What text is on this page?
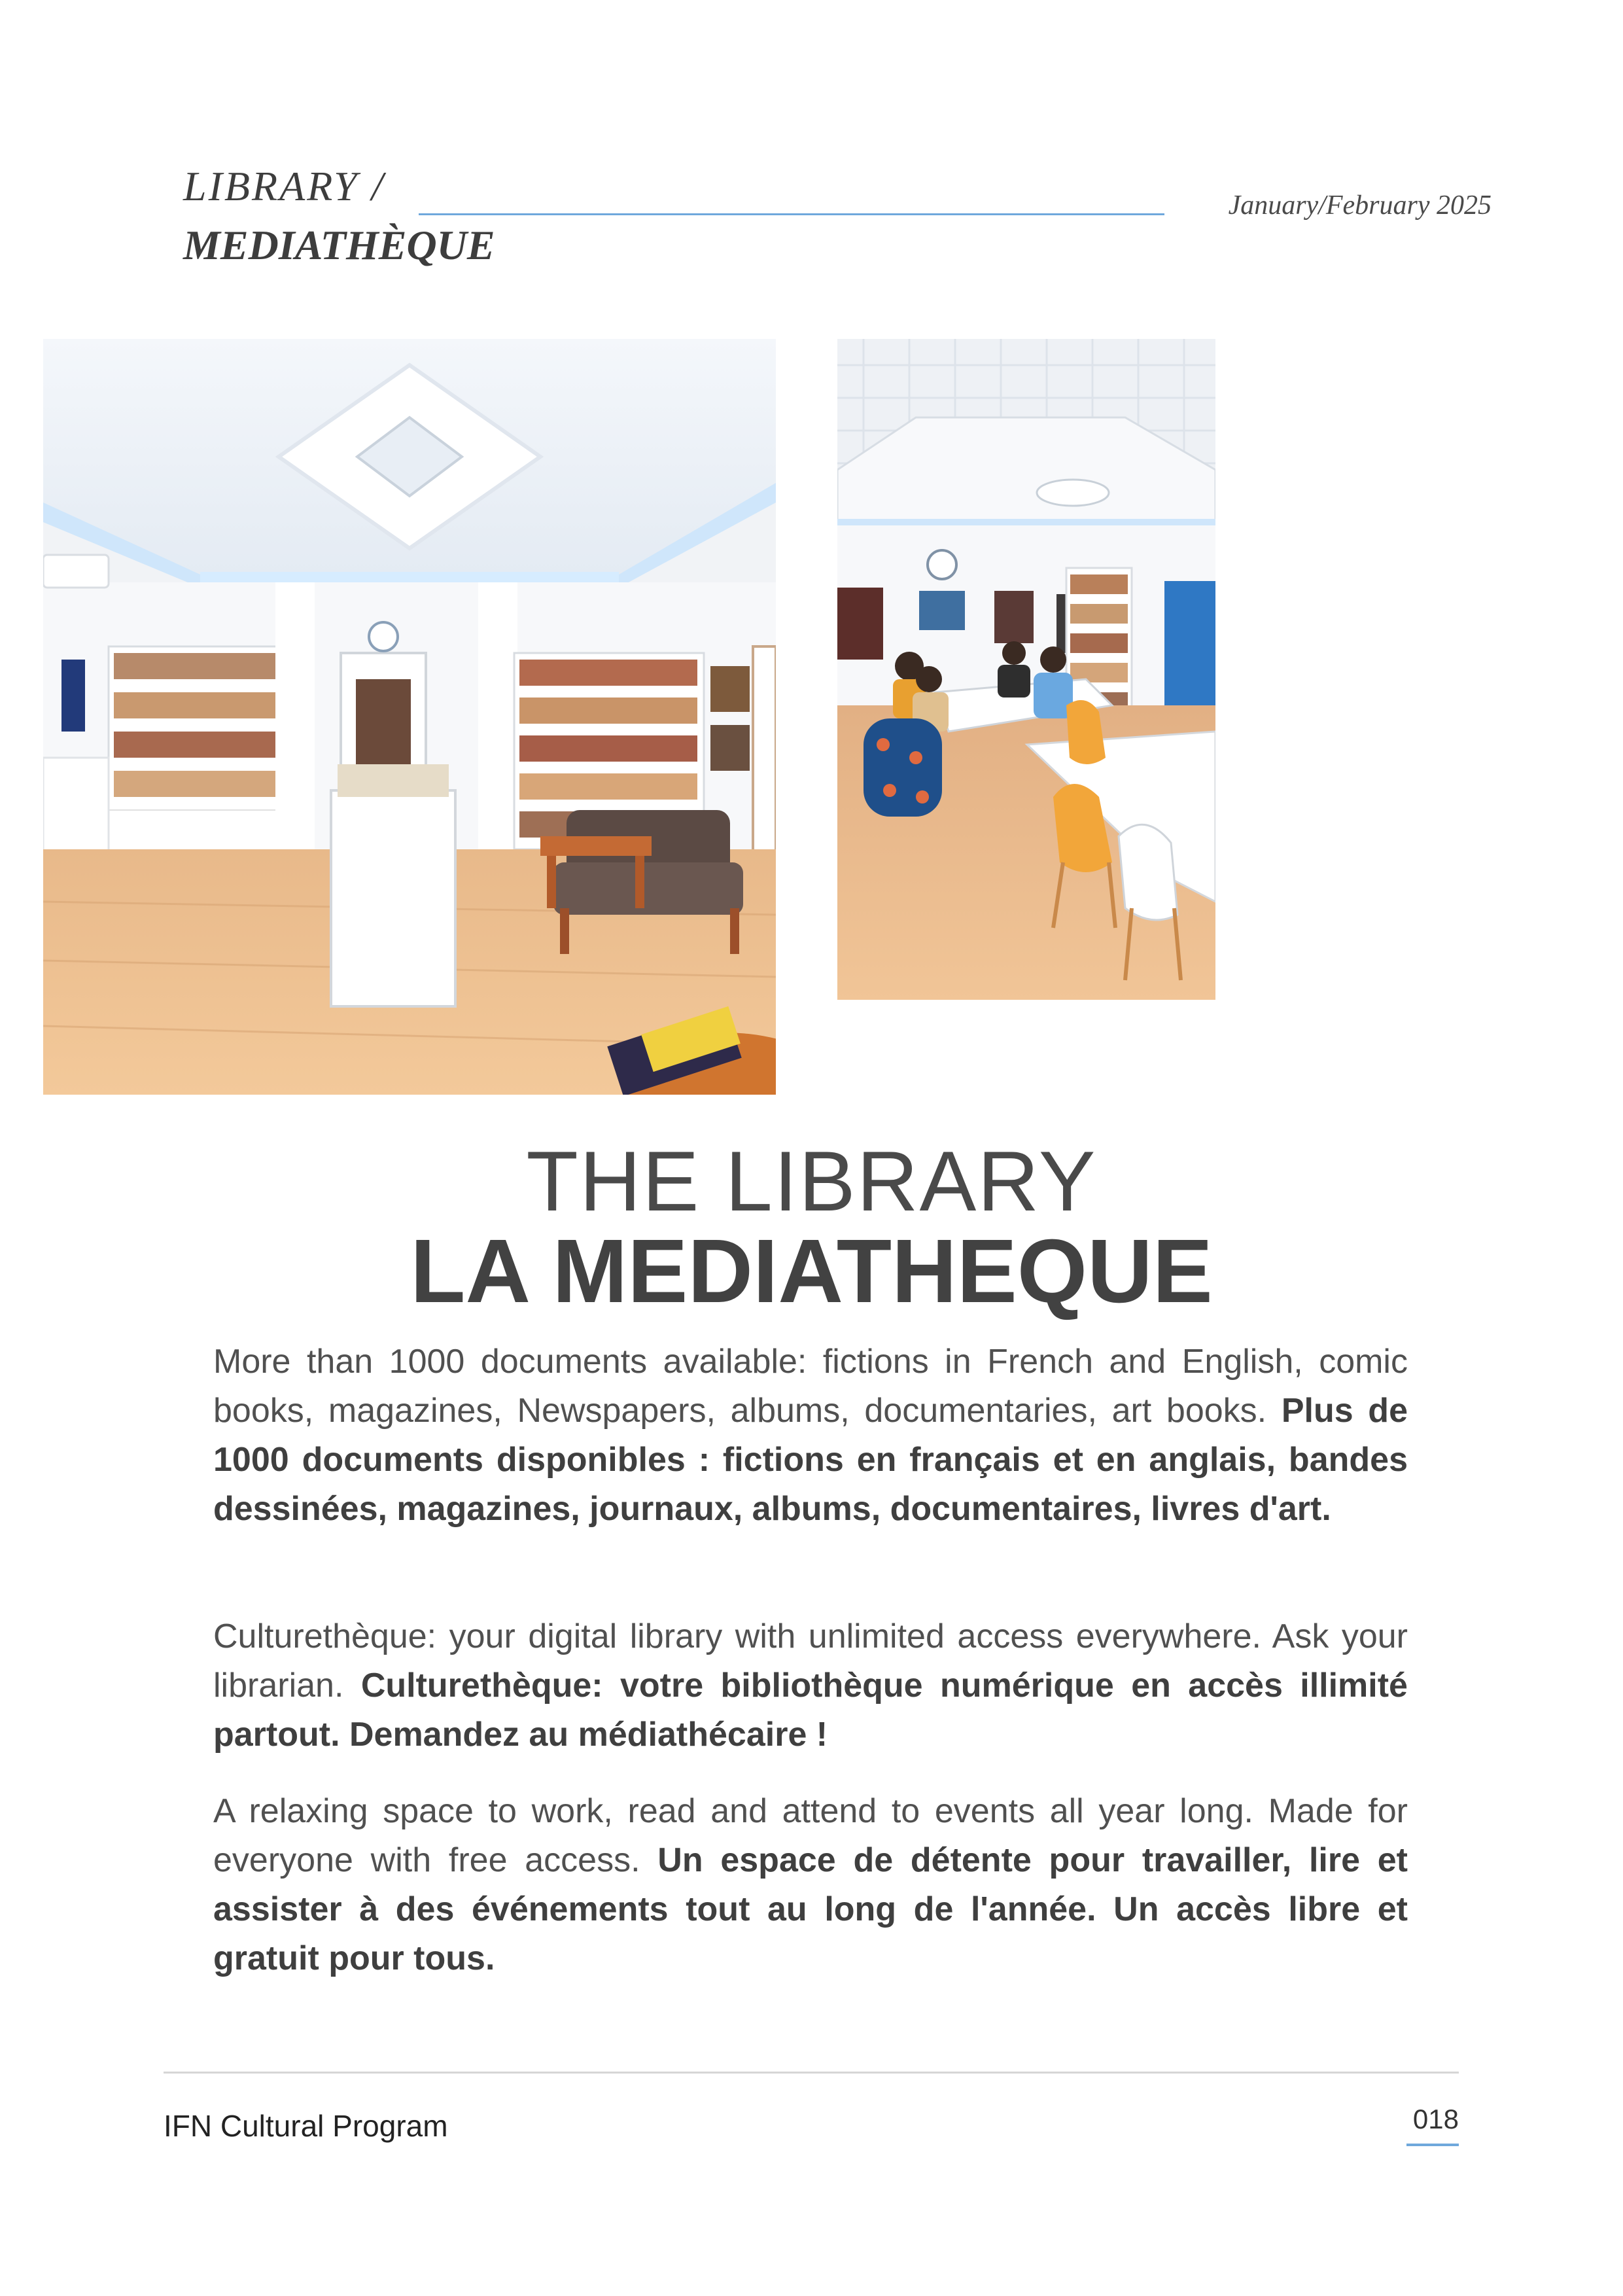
LIBRARY /
MEDIATHÈQUE
January/February 2025
THE LIBRARY
LA MEDIATHEQUE
More than 1000 documents available: fictions in French and English, comic books, magazines, Newspapers, albums, documentaries, art books. Plus de 1000 documents disponibles : fictions en français et en anglais, bandes dessinées, magazines, journaux, albums, documentaires, livres d'art.
Culturethèque: your digital library with unlimited access everywhere. Ask your librarian. Culturethèque: votre bibliothèque numérique en accès illimité partout. Demandez au médiathécaire !
A relaxing space to work, read and attend to events all year long. Made for everyone with free access. Un espace de détente pour travailler, lire et assister à des événements tout au long de l'année. Un accès libre et gratuit pour tous.
IFN Cultural Program	018
